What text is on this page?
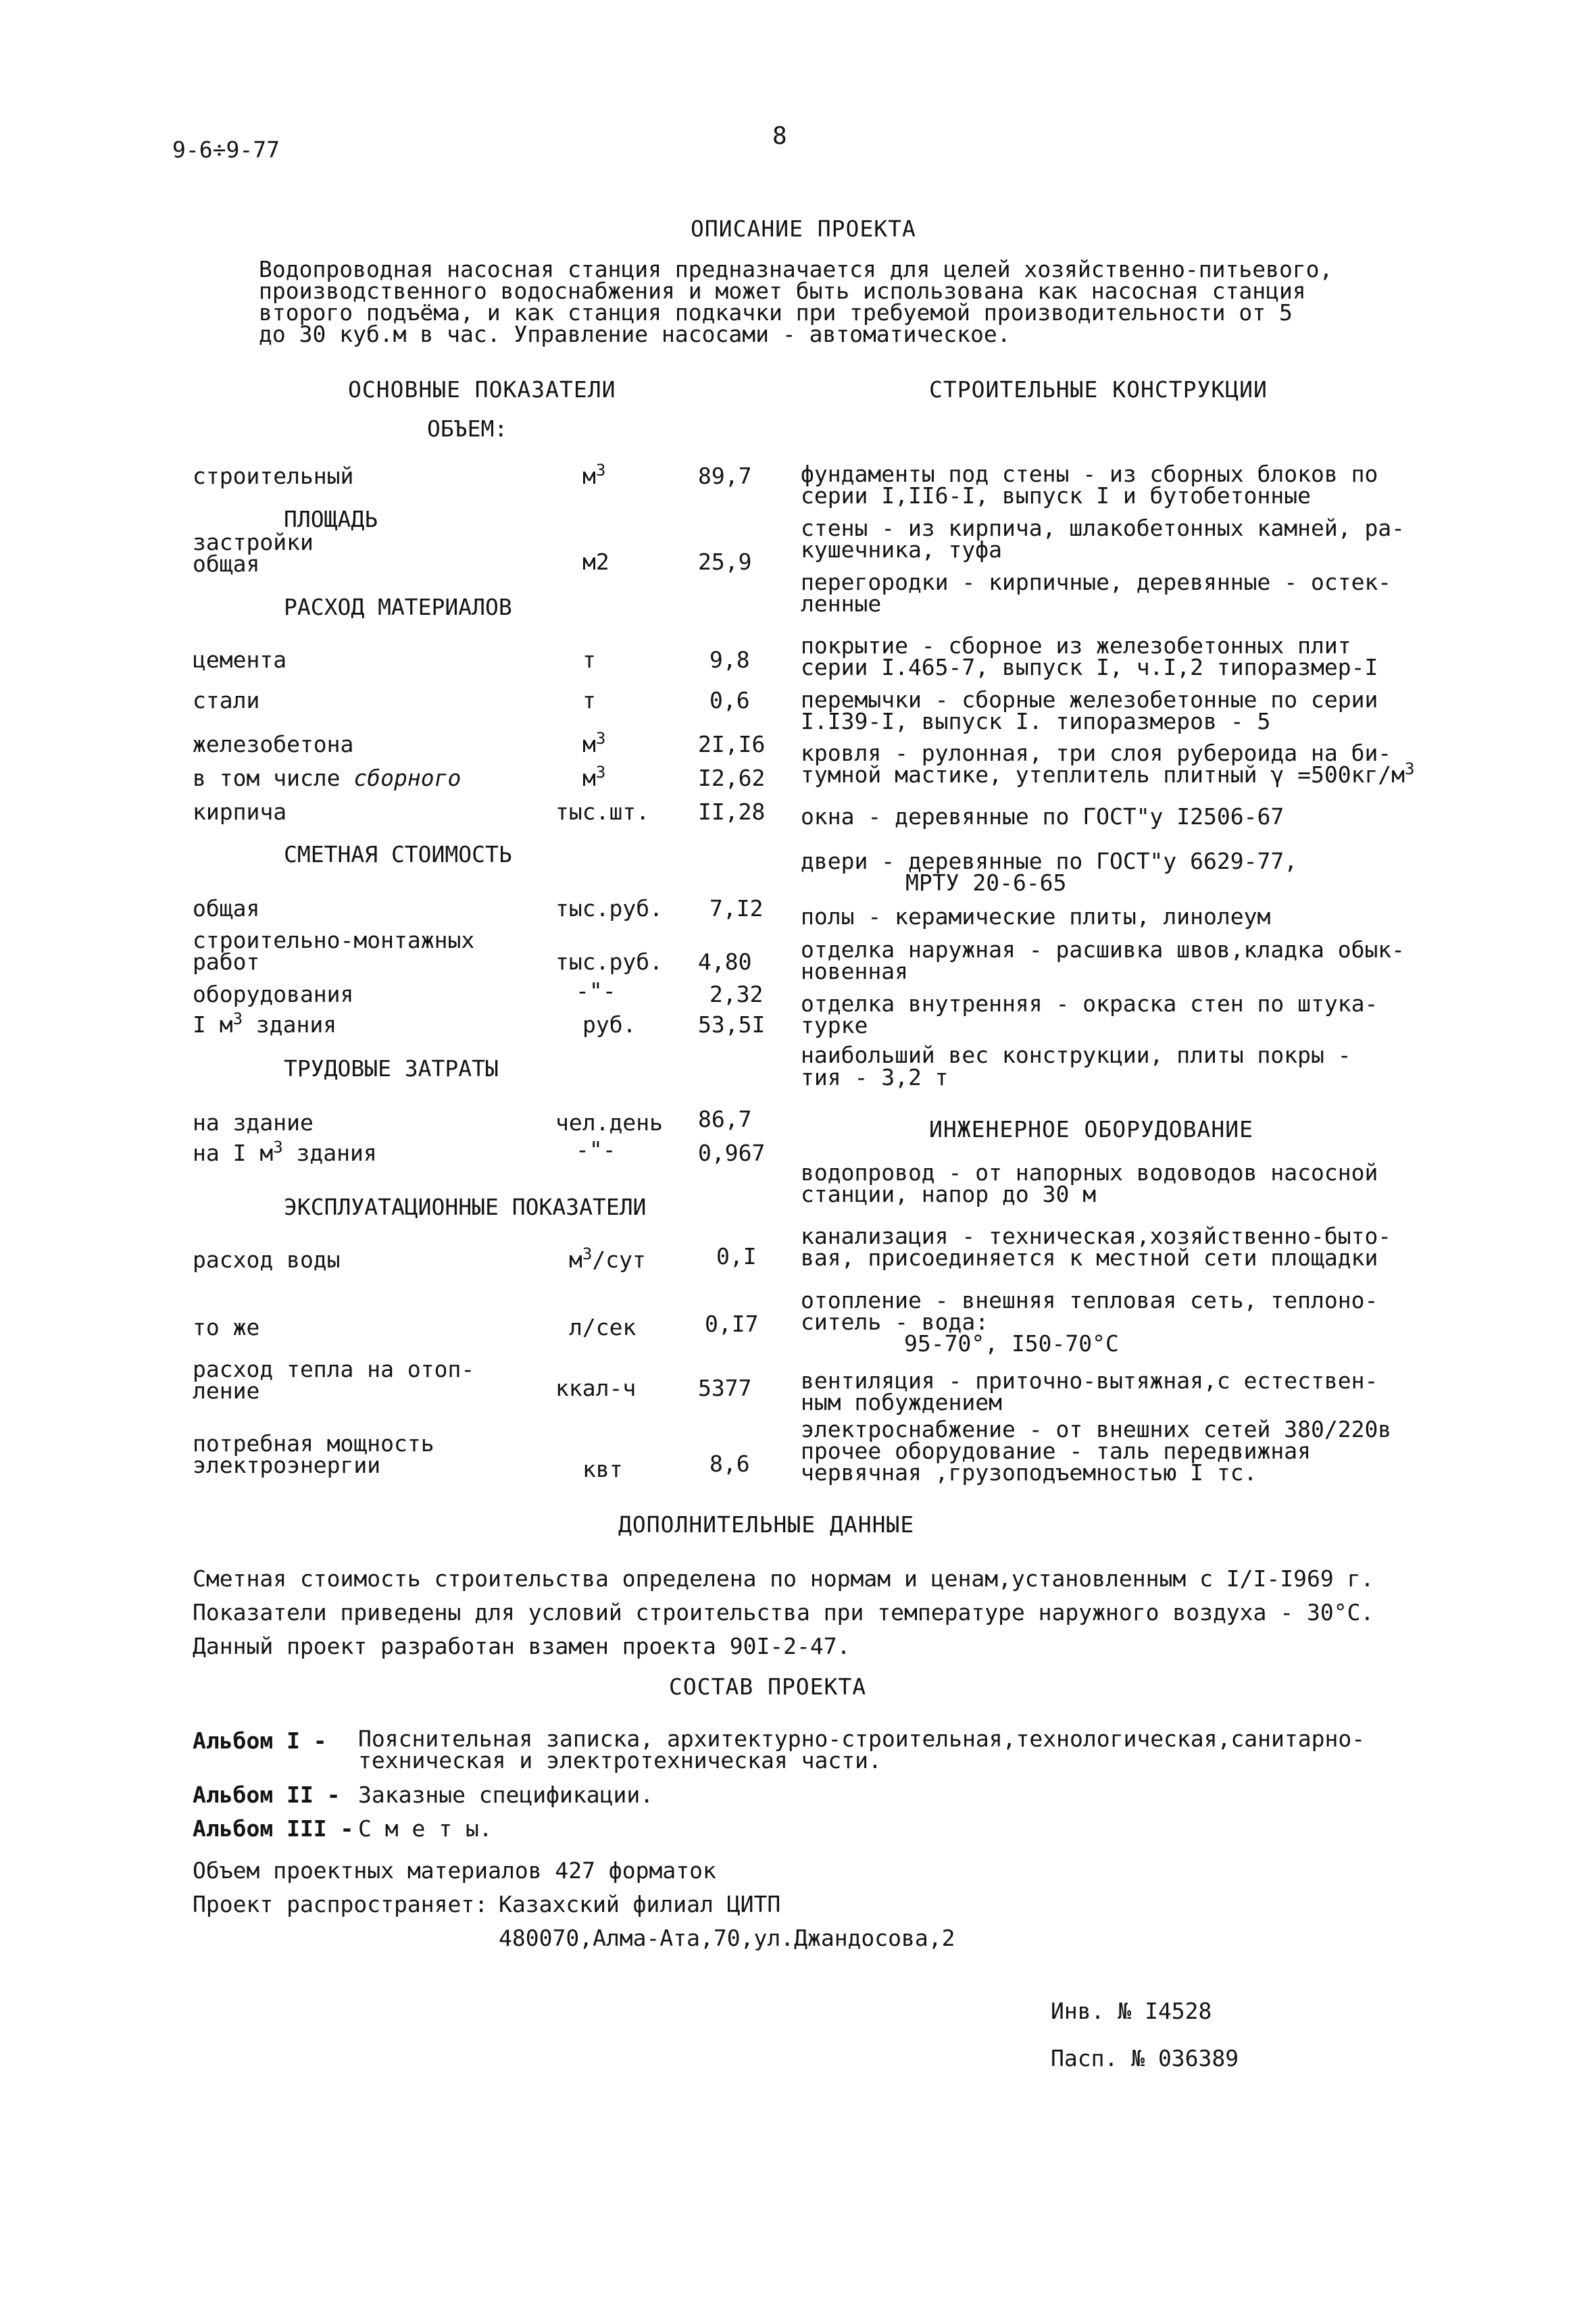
9-6÷9-77	8
ОПИСАНИЕ ПРОЕКТА
Водопроводная насосная станция предназначается для целей хозяйственно-питьевого,
производственного водоснабжения и может быть использована как насосная станция
второго подъёма, и как станция подкачки при требуемой производительности от 5
до 30 куб.м в час. Управление насосами - автоматическое.
ОСНОВНЫЕ ПОКАЗАТЕЛИ
ОБЪЕМ:
строительный	$м^3$	89,7
ПЛОЩАДЬ
застройки
общая	м2	25,9
РАСХОД МАТЕРИАЛОВ
цемента	т	9,8
стали	т	0,6
железобетона	$м^3$	2I,I6
в том числе сборного	$м^3$	I2,62
кирпича	тыс.шт. II,28
СМЕТНАЯ СТОИМОСТЬ
общая	тыс.руб. 7,I2
строительно-монтажных
работ	тыс.руб. 4,80
оборудования	-"-	2,32
I $м^3$ здания	руб.	53,5I
ТРУДОВЫЕ ЗАТРАТЫ
на здание	чел.день 86,7
на I $м^3$ здания	-"-	0,967
ЭКСПЛУАТАЦИОННЫЕ ПОКАЗАТЕЛИ
расход воды	$м^3$/сут	0,I
то же	л/сек	0,I7
расход тепла на отоп-
ление	ккал-ч	5377
потребная мощность
электроэнергии	квт	8,6
СТРОИТЕЛЬНЫЕ КОНСТРУКЦИИ
фундаменты под стены - из сборных блоков по
серии I,II6-I, выпуск I и бутобетонные
стены - из кирпича, шлакобетонных камней, ра-
кушечника, туфа
перегородки - кирпичные, деревянные - остек-
ленные
покрытие - сборное из железобетонных плит
серии I.465-7, выпуск I, ч.I,2 типоразмер-I
перемычки - сборные железобетонные по серии
I.I39-I, выпуск I. типоразмеров - 5
кровля - рулонная, три слоя рубероида на би-
тумной мастике, утеплитель плитный $\gamma =500кг/м^3$
окна - деревянные по ГОСТ"у I2506-67
двери - деревянные по ГОСТ"у 6629-77,
МРТУ 20-6-65
полы - керамические плиты, линолеум
отделка наружная - расшивка швов,кладка обык-
новенная
отделка внутренняя - окраска стен по штука-
турке
наибольший вес конструкции, плиты покры -
тия - 3,2 т
ИНЖЕНЕРНОЕ ОБОРУДОВАНИЕ
водопровод - от напорных водоводов насосной
станции, напор до 30 м
канализация - техническая,хозяйственно-быто-
вая, присоединяется к местной сети площадки
отопление - внешняя тепловая сеть, теплоно-
ситель - вода:
95-70°, I50-70°С
вентиляция - приточно-вытяжная,с естествен-
ным побуждением
электроснабжение - от внешних сетей 380/220в
прочее оборудование - таль передвижная
червячная ,грузоподъемностью I тс.
ДОПОЛНИТЕЛЬНЫЕ ДАННЫЕ
Сметная стоимость строительства определена по нормам и ценам,установленным с I/I-I969 г.
Показатели приведены для условий строительства при температуре наружного воздуха - 30°С.
Данный проект разработан взамен проекта 90I-2-47.
СОСТАВ ПРОЕКТА
Альбом I - Пояснительная записка, архитектурно-строительная,технологическая,санитарно-
техническая и электротехническая части.
Альбом II - Заказные спецификации.
Альбом III - С м е т ы.
Объем проектных материалов 427 форматок
Проект распространяет: Казахский филиал ЦИТП
480070,Алма-Ата,70,ул.Джандосова,2
Инв. № I4528
Пасп. № 036389
